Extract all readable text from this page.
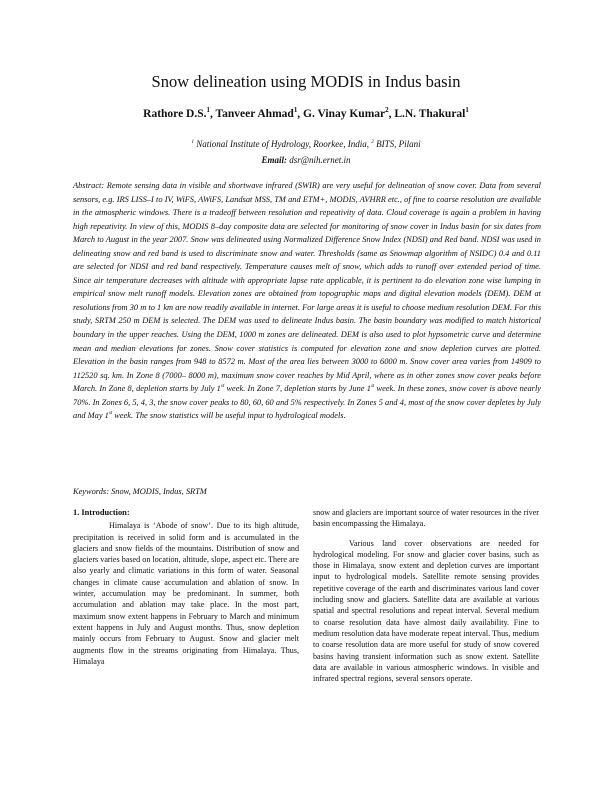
Snow delineation using MODIS in Indus basin
Rathore D.S.$^1$, Tanveer Ahmad$^1$, G. Vinay Kumar$^2$, L.N. Thakural$^1$
$^1$ National Institute of Hydrology, Roorkee, India, $^2$ BITS, Pilani
Email: dsr@nih.ernet.in

Abstract: Remote sensing data in visible and shortwave infrared (SWIR) are very useful for delineation of snow cover. Data from several sensors, e.g. IRS LISS–I to IV, WiFS, AWiFS, Landsat MSS, TM and ETM+, MODIS, AVHRR etc., of fine to coarse resolution are available in the atmospheric windows. There is a tradeoff between resolution and repeativity of data. Cloud coverage is again a problem in having high repeativity. In view of this, MODIS 8–day composite data are selected for monitoring of snow cover in Indus basin for six dates from March to August in the year 2007. Snow was delineated using Normalized Difference Snow Index (NDSI) and Red band. NDSI was used in delineating snow and red band is used to discriminate snow and water. Thresholds (same as Snowmap algorithm of NSIDC) 0.4 and 0.11 are selected for NDSI and red band respectively. Temperature causes melt of snow, which adds to runoff over extended period of time. Since air temperature decreases with altitude with appropriate lapse rate applicable, it is pertinent to do elevation zone wise lumping in empirical snow melt runoff models. Elevation zones are obtained from topographic maps and digital elevation models (DEM). DEM at resolutions from 30 m to 1 km are now readily available in internet. For large areas it is useful to choose medium resolution DEM. For this study, SRTM 250 m DEM is selected. The DEM was used to delineate Indus basin. The basin boundary was modified to match historical boundary in the upper reaches. Using the DEM, 1000 m zones are delineated. DEM is also used to plot hypsometric curve and determine mean and median elevations for zones. Snow cover statistics is computed for elevation zone and snow depletion curves are plotted. Elevation in the basin ranges from 948 to 8572 m. Most of the area lies between 3000 to 6000 m. Snow cover area varies from 14909 to 112520 sq. km. In Zone 8 (7000– 8000 m), maximum snow cover reaches by Mid April, where as in other zones snow cover peaks before March. In Zone 8, depletion starts by July 1st week. In Zone 7, depletion starts by June 1st week. In these zones, snow cover is above nearly 70%. In Zones 6, 5, 4, 3, the snow cover peaks to 80, 60, 60 and 5% respectively. In Zones 5 and 4, most of the snow cover depletes by July and May 1st week. The snow statistics will be useful input to hydrological models.

Keywords: Snow, MODIS, Indus, SRTM

1. Introduction:

Himalaya is ‘Abode of snow’. Due to its high altitude, precipitation is received in solid form and is accumulated in the glaciers and snow fields of the mountains. Distribution of snow and glaciers varies based on location, altitude, slope, aspect etc. There are also yearly and climatic variations in this form of water. Seasonal changes in climate cause accumulation and ablation of snow. In winter, accumulation may be predominant. In summer, both accumulation and ablation may take place. In the most part, maximum snow extent happens in February to March and minimum extent happens in July and August months. Thus, snow depletion mainly occurs from February to August. Snow and glacier melt augments flow in the streams originating from Himalaya. Thus, Himalaya

snow and glaciers are important source of water resources in the river basin encompassing the Himalaya.

Various land cover observations are needed for hydrological modeling. For snow and glacier cover basins, such as those in Himalaya, snow extent and depletion curves are important input to hydrological models. Satellite remote sensing provides repetitive coverage of the earth and discriminates various land cover including snow and glaciers. Satellite data are available at various spatial and spectral resolutions and repeat interval. Several medium to coarse resolution data have almost daily availability. Fine to medium resolution data have moderate repeat interval. Thus, medium to coarse resolution data are more useful for study of snow covered basins having transient information such as snow extent. Satellite data are available in various atmospheric windows. In visible and infrared spectral regions, several sensors operate.
